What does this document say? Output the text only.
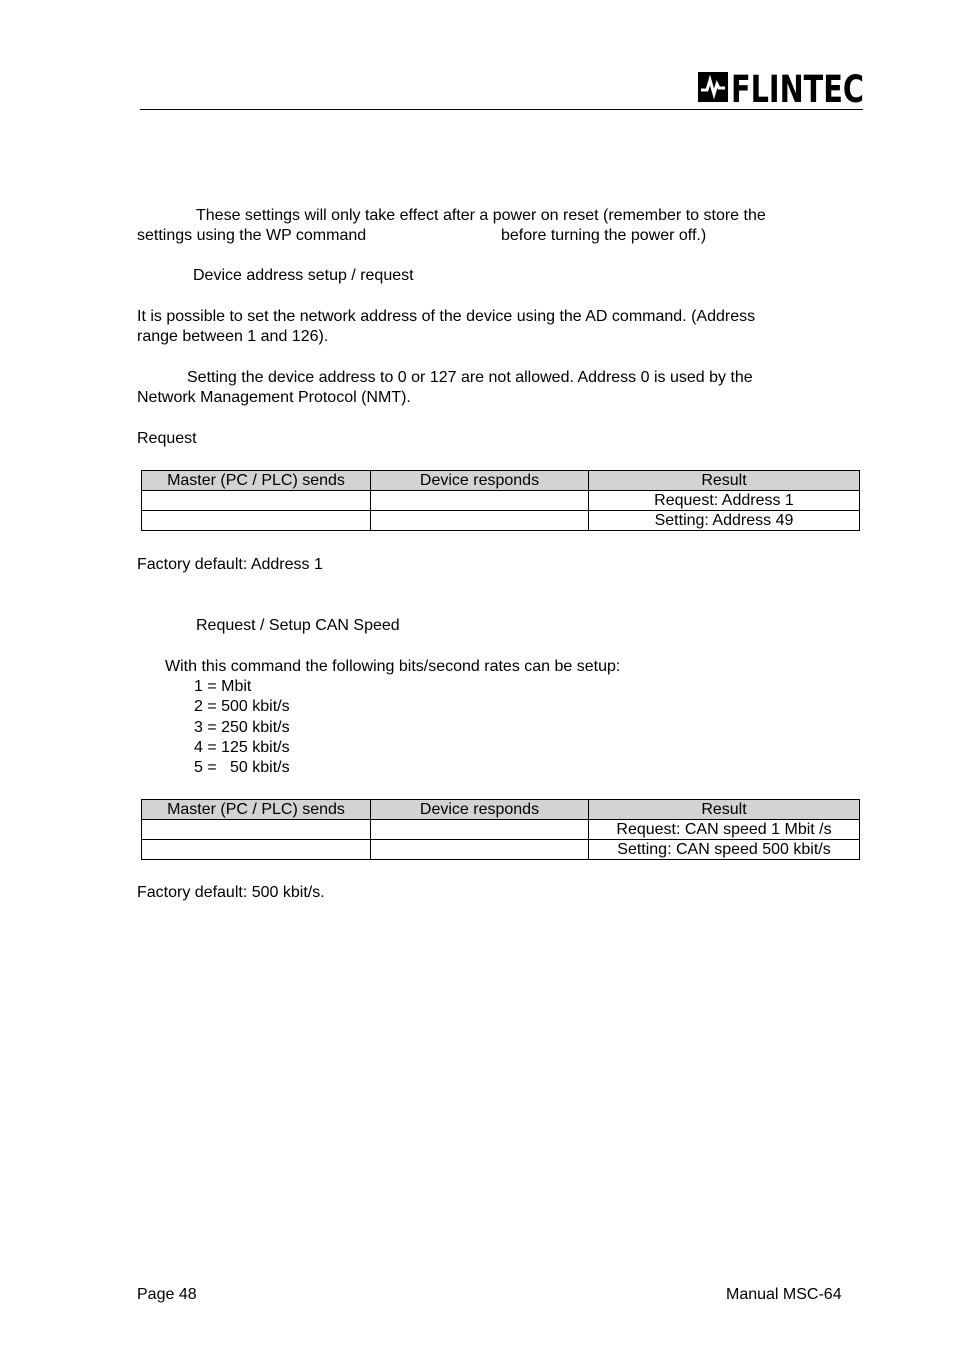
FLINTEC
These settings will only take effect after a power on reset (remember to store the
settings using the WP command	before turning the power off.)
Device address setup / request
It is possible to set the network address of the device using the AD command. (Address
range between 1 and 126).
Setting the device address to 0 or 127 are not allowed. Address 0 is used by the
Network Management Protocol (NMT).
Request
Master (PC / PLC) sends	Device responds	Result
		Request: Address 1
		Setting: Address 49
Factory default: Address 1
Request / Setup CAN Speed
With this command the following bits/second rates can be setup:
1 = Mbit
2 = 500 kbit/s
3 = 250 kbit/s
4 = 125 kbit/s
5 =   50 kbit/s
Master (PC / PLC) sends	Device responds	Result
		Request: CAN speed 1 Mbit /s
		Setting: CAN speed 500 kbit/s
Factory default: 500 kbit/s.
Page 48	Manual MSC-64
